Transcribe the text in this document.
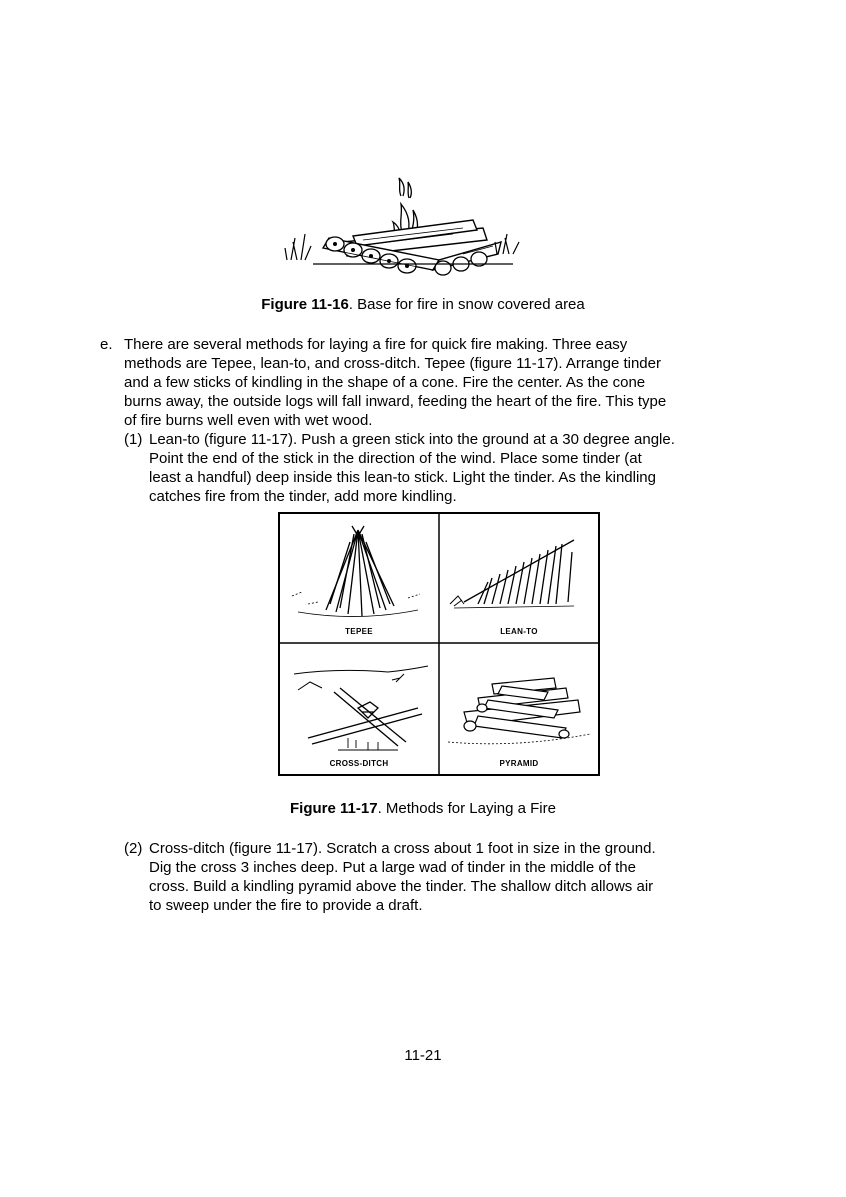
Figure 11-16. Base for fire in snow covered area
e. There are several methods for laying a fire for quick fire making. Three easy
methods are Tepee, lean-to, and cross-ditch. Tepee (figure 11-17). Arrange tinder
and a few sticks of kindling in the shape of a cone. Fire the center. As the cone
burns away, the outside logs will fall inward, feeding the heart of the fire. This type
of fire burns well even with wet wood.
(1) Lean-to (figure 11-17). Push a green stick into the ground at a 30 degree angle.
Point the end of the stick in the direction of the wind. Place some tinder (at
least a handful) deep inside this lean-to stick. Light the tinder. As the kindling
catches fire from the tinder, add more kindling.
TEPEE	LEAN-TO
CROSS-DITCH	PYRAMID
Figure 11-17. Methods for Laying a Fire
(2) Cross-ditch (figure 11-17). Scratch a cross about 1 foot in size in the ground.
Dig the cross 3 inches deep. Put a large wad of tinder in the middle of the
cross. Build a kindling pyramid above the tinder. The shallow ditch allows air
to sweep under the fire to provide a draft.
11-21
